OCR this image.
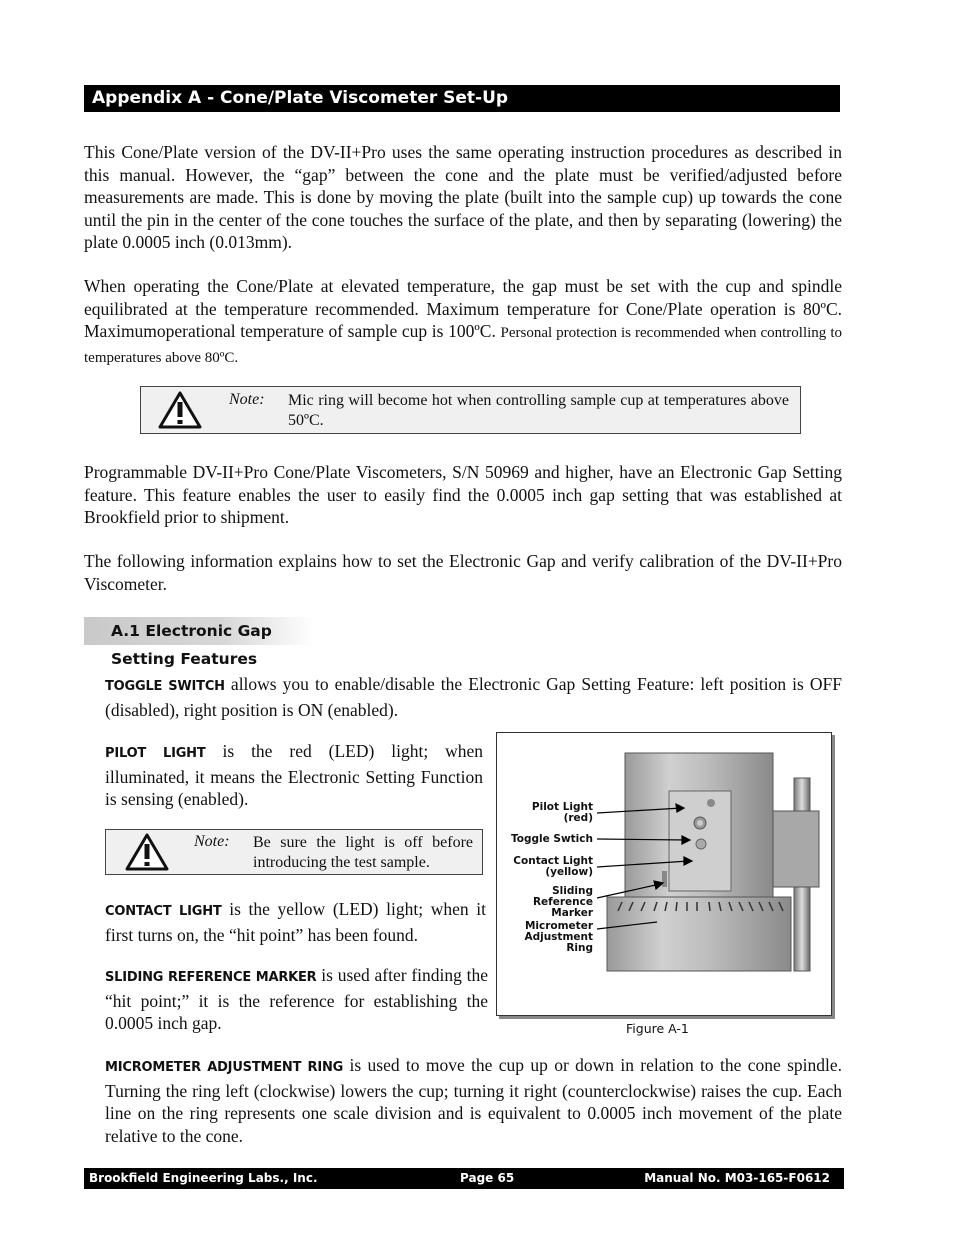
Appendix A - Cone/Plate Viscometer Set-Up
This Cone/Plate version of the DV-II+Pro uses the same operating instruction procedures as described in this manual. However, the “gap” between the cone and the plate must be verified/adjusted before measurements are made. This is done by moving the plate (built into the sample cup) up towards the cone until the pin in the center of the cone touches the surface of the plate, and then by separating (lowering) the plate 0.0005 inch (0.013mm).
When operating the Cone/Plate at elevated temperature, the gap must be set with the cup and spindle equilibrated at the temperature recommended. Maximum temperature for Cone/Plate operation is 80ºC. Maximumoperational temperature of sample cup is 100ºC. Personal protection is recommended when controlling to temperatures above 80ºC.
Note: Mic ring will become hot when controlling sample cup at temperatures above 50ºC.
Programmable DV-II+Pro Cone/Plate Viscometers, S/N 50969 and higher, have an Electronic Gap Setting feature. This feature enables the user to easily find the 0.0005 inch gap setting that was established at Brookfield prior to shipment.
The following information explains how to set the Electronic Gap and verify calibration of the DV-II+Pro Viscometer.
A.1 Electronic Gap Setting Features
TOGGLE SWITCH allows you to enable/disable the Electronic Gap Setting Feature: left position is OFF (disabled), right position is ON (enabled).
PILOT LIGHT is the red (LED) light; when illuminated, it means the Electronic Setting Function is sensing (enabled).
Note: Be sure the light is off before introducing the test sample.
CONTACT LIGHT is the yellow (LED) light; when it first turns on, the “hit point” has been found.
SLIDING REFERENCE MARKER is used after finding the “hit point;” it is the reference for establishing the 0.0005 inch gap.
Pilot Light
(red)
Toggle Swtich
Contact Light
(yellow)
Sliding Reference
Marker
Micrometer
Adjustment Ring
Figure A-1
MICROMETER ADJUSTMENT RING is used to move the cup up or down in relation to the cone spindle. Turning the ring left (clockwise) lowers the cup; turning it right (counterclockwise) raises the cup. Each line on the ring represents one scale division and is equivalent to 0.0005 inch movement of the plate relative to the cone.
Brookfield Engineering Labs., Inc.	Page 65	Manual No. M03-165-F0612
